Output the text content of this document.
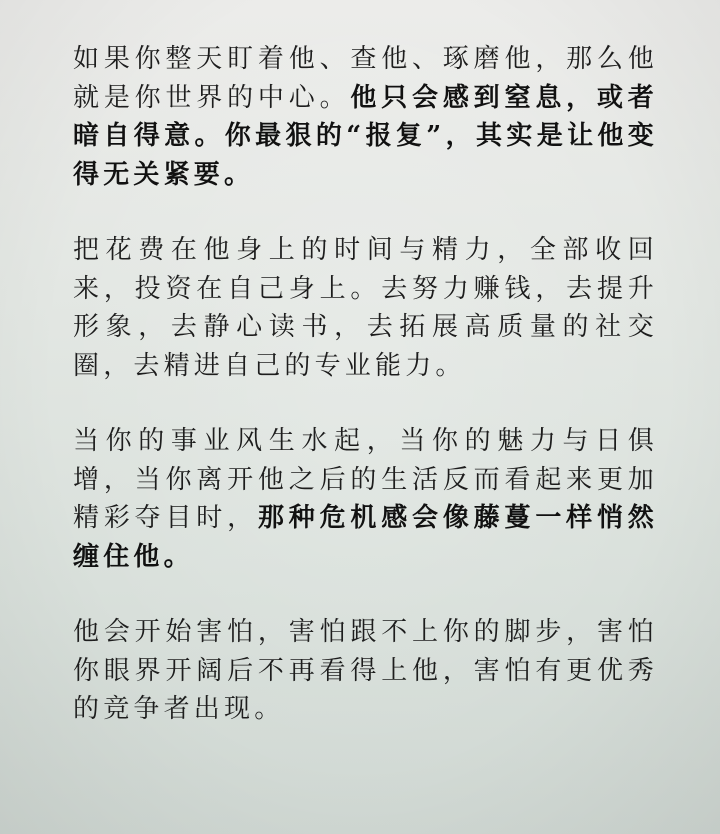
如果你整天盯着他、查他、琢磨他，那么他就是你世界的中心。他只会感到窒息，或者暗自得意。你最狠的“报复”，其实是让他变得无关紧要。

把花费在他身上的时间与精力，全部收回来，投资在自己身上。去努力赚钱，去提升形象，去静心读书，去拓展高质量的社交圈，去精进自己的专业能力。

当你的事业风生水起，当你的魅力与日俱增，当你离开他之后的生活反而看起来更加精彩夺目时，那种危机感会像藤蔓一样悄然缠住他。

他会开始害怕，害怕跟不上你的脚步，害怕你眼界开阔后不再看得上他，害怕有更优秀的竞争者出现。
